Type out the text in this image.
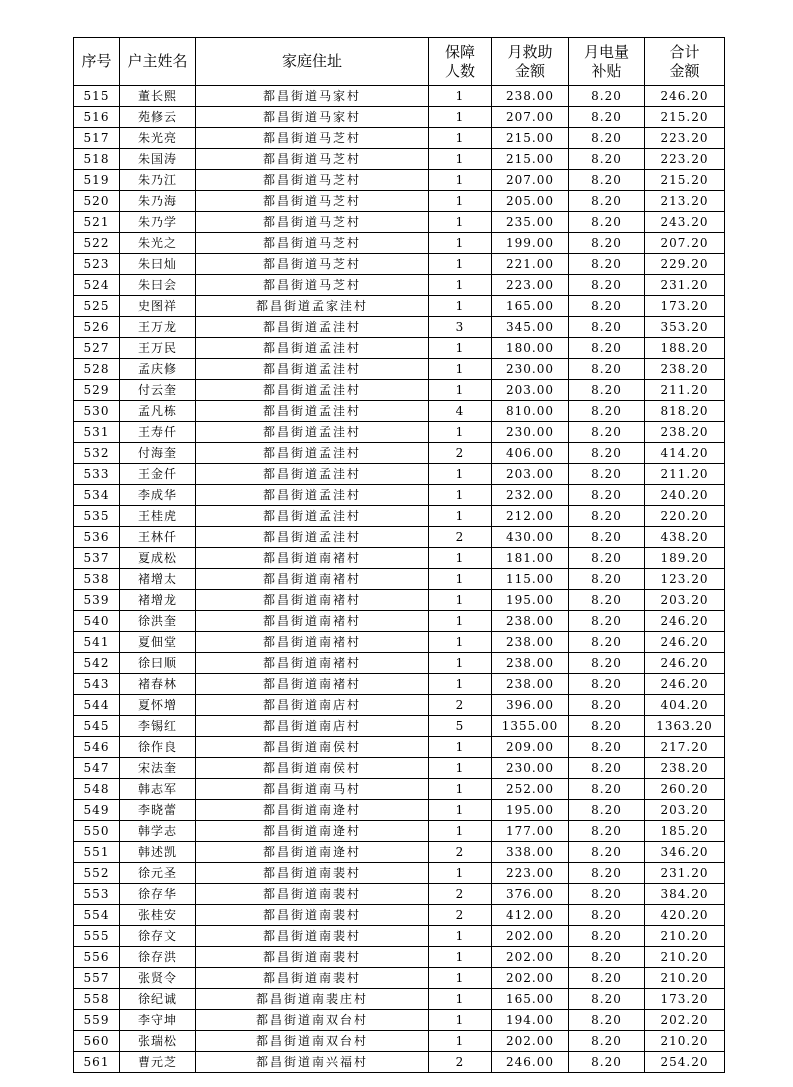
序号	户主姓名	家庭住址	保障人数	月救助金额	月电量补贴	合计金额

515	董长熙	都昌街道马家村	1	238.00	8.20	246.20
516	苑修云	都昌街道马家村	1	207.00	8.20	215.20
517	朱光亮	都昌街道马芝村	1	215.00	8.20	223.20
518	朱国涛	都昌街道马芝村	1	215.00	8.20	223.20
519	朱乃江	都昌街道马芝村	1	207.00	8.20	215.20
520	朱乃海	都昌街道马芝村	1	205.00	8.20	213.20
521	朱乃学	都昌街道马芝村	1	235.00	8.20	243.20
522	朱光之	都昌街道马芝村	1	199.00	8.20	207.20
523	朱曰灿	都昌街道马芝村	1	221.00	8.20	229.20
524	朱曰会	都昌街道马芝村	1	223.00	8.20	231.20
525	史图祥	都昌街道孟家洼村	1	165.00	8.20	173.20
526	王万龙	都昌街道孟洼村	3	345.00	8.20	353.20
527	王万民	都昌街道孟洼村	1	180.00	8.20	188.20
528	孟庆修	都昌街道孟洼村	1	230.00	8.20	238.20
529	付云奎	都昌街道孟洼村	1	203.00	8.20	211.20
530	孟凡栋	都昌街道孟洼村	4	810.00	8.20	818.20
531	王寿仟	都昌街道孟洼村	1	230.00	8.20	238.20
532	付海奎	都昌街道孟洼村	2	406.00	8.20	414.20
533	王金仟	都昌街道孟洼村	1	203.00	8.20	211.20
534	李成华	都昌街道孟洼村	1	232.00	8.20	240.20
535	王桂虎	都昌街道孟洼村	1	212.00	8.20	220.20
536	王林仟	都昌街道孟洼村	2	430.00	8.20	438.20
537	夏成松	都昌街道南褚村	1	181.00	8.20	189.20
538	褚增太	都昌街道南褚村	1	115.00	8.20	123.20
539	褚增龙	都昌街道南褚村	1	195.00	8.20	203.20
540	徐洪奎	都昌街道南褚村	1	238.00	8.20	246.20
541	夏佃堂	都昌街道南褚村	1	238.00	8.20	246.20
542	徐曰顺	都昌街道南褚村	1	238.00	8.20	246.20
543	褚春林	都昌街道南褚村	1	238.00	8.20	246.20
544	夏怀增	都昌街道南店村	2	396.00	8.20	404.20
545	李锡红	都昌街道南店村	5	1355.00	8.20	1363.20
546	徐作良	都昌街道南侯村	1	209.00	8.20	217.20
547	宋法奎	都昌街道南侯村	1	230.00	8.20	238.20
548	韩志军	都昌街道南马村	1	252.00	8.20	260.20
549	李晓蕾	都昌街道南逄村	1	195.00	8.20	203.20
550	韩学志	都昌街道南逄村	1	177.00	8.20	185.20
551	韩述凯	都昌街道南逄村	2	338.00	8.20	346.20
552	徐元圣	都昌街道南裴村	1	223.00	8.20	231.20
553	徐存华	都昌街道南裴村	2	376.00	8.20	384.20
554	张桂安	都昌街道南裴村	2	412.00	8.20	420.20
555	徐存文	都昌街道南裴村	1	202.00	8.20	210.20
556	徐存洪	都昌街道南裴村	1	202.00	8.20	210.20
557	张贤令	都昌街道南裴村	1	202.00	8.20	210.20
558	徐纪诚	都昌街道南裴庄村	1	165.00	8.20	173.20
559	李守坤	都昌街道南双台村	1	194.00	8.20	202.20
560	张瑞松	都昌街道南双台村	1	202.00	8.20	210.20
561	曹元芝	都昌街道南兴福村	2	246.00	8.20	254.20
